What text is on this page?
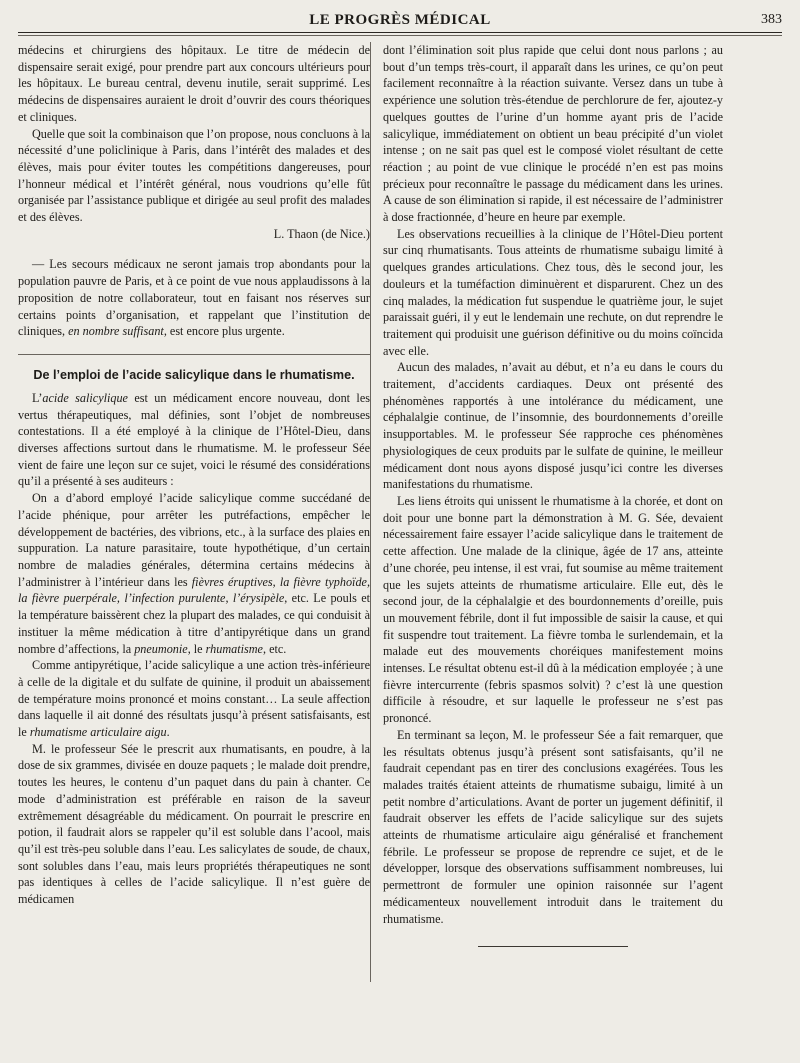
LE PROGRÈS MÉDICAL	383

médecins et chirurgiens des hôpitaux. Le titre de médecin de dispensaire serait exigé, pour prendre part aux concours ultérieurs pour les hôpitaux. Le bureau central, devenu inutile, serait supprimé. Les médecins de dispensaires auraient le droit d’ouvrir des cours théoriques et cliniques.

Quelle que soit la combinaison que l’on propose, nous concluons à la nécessité d’une policlinique à Paris, dans l’intérêt des malades et des élèves, mais pour éviter toutes les compétitions dangereuses, pour l’honneur médical et l’intérêt général, nous voudrions qu’elle fût organisée par l’assistance publique et dirigée au seul profit des malades et des élèves.

L. Thaon (de Nice.)

— Les secours médicaux ne seront jamais trop abondants pour la population pauvre de Paris, et à ce point de vue nous applaudissons à la proposition de notre collaborateur, tout en faisant nos réserves sur certains points d’organisation, et rappelant que l’institution de cliniques, en nombre suffisant, est encore plus urgente.

De l’emploi de l’acide salicylique dans le rhumatisme.

L’acide salicylique est un médicament encore nouveau, dont les vertus thérapeutiques, mal définies, sont l’objet de nombreuses contestations. Il a été employé à la clinique de l’Hôtel-Dieu, dans diverses affections surtout dans le rhumatisme. M. le professeur Sée vient de faire une leçon sur ce sujet, voici le résumé des considérations qu’il a présenté à ses auditeurs :

On a d’abord employé l’acide salicylique comme succédané de l’acide phénique, pour arrêter les putréfactions, empêcher le développement de bactéries, des vibrions, etc., à la surface des plaies en suppuration. La nature parasitaire, toute hypothétique, d’un certain nombre de maladies générales, détermina certains médecins à l’administrer à l’intérieur dans les fièvres éruptives, la fièvre typhoïde, la fièvre puerpérale, l’infection purulente, l’érysipèle, etc. Le pouls et la température baissèrent chez la plupart des malades, ce qui conduisit à instituer la même médication à titre d’antipyrétique dans un grand nombre d’affections, la pneumonie, le rhumatisme, etc.

Comme antipyrétique, l’acide salicylique a une action très-inférieure à celle de la digitale et du sulfate de quinine, il produit un abaissement de température moins prononcé et moins constant… La seule affection dans laquelle il ait donné des résultats jusqu’à présent satisfaisants, est le rhumatisme articulaire aigu.

M. le professeur Sée le prescrit aux rhumatisants, en poudre, à la dose de six grammes, divisée en douze paquets ; le malade doit prendre, toutes les heures, le contenu d’un paquet dans du pain à chanter. Ce mode d’administration est préférable en raison de la saveur extrêmement désagréable du médicament. On pourrait le prescrire en potion, il faudrait alors se rappeler qu’il est soluble dans l’acool, mais qu’il est très-peu soluble dans l’eau. Les salicylates de soude, de chaux, sont solubles dans l’eau, mais leurs propriétés thérapeutiques ne sont pas identiques à celles de l’acide salicylique. Il n’est guère de médicamen

dont l’élimination soit plus rapide que celui dont nous parlons ; au bout d’un temps très-court, il apparaît dans les urines, ce qu’on peut facilement reconnaître à la réaction suivante. Versez dans un tube à expérience une solution très-étendue de perchlorure de fer, ajoutez-y quelques gouttes de l’urine d’un homme ayant pris de l’acide salicylique, immédiatement on obtient un beau précipité d’un violet intense ; on ne sait pas quel est le composé violet résultant de cette réaction ; au point de vue clinique le procédé n’en est pas moins précieux pour reconnaître le passage du médicament dans les urines. A cause de son élimination si rapide, il est nécessaire de l’administrer à dose fractionnée, d’heure en heure par exemple.

Les observations recueillies à la clinique de l’Hôtel-Dieu portent sur cinq rhumatisants. Tous atteints de rhumatisme subaigu limité à quelques grandes articulations. Chez tous, dès le second jour, les douleurs et la tuméfaction diminuèrent et disparurent. Chez un des cinq malades, la médication fut suspendue le quatrième jour, le sujet paraissait guéri, il y eut le lendemain une rechute, on dut reprendre le traitement qui produisit une guérison définitive ou du moins coïncida avec elle.

Aucun des malades, n’avait au début, et n’a eu dans le cours du traitement, d’accidents cardiaques. Deux ont présenté des phénomènes rapportés à une intolérance du médicament, une céphalalgie continue, de l’insomnie, des bourdonnements d’oreille insupportables. M. le professeur Sée rapproche ces phénomènes physiologiques de ceux produits par le sulfate de quinine, le meilleur médicament dont nous ayons disposé jusqu’ici contre les diverses manifestations du rhumatisme.

Les liens étroits qui unissent le rhumatisme à la chorée, et dont on doit pour une bonne part la démonstration à M. G. Sée, devaient nécessairement faire essayer l’acide salicylique dans le traitement de cette affection. Une malade de la clinique, âgée de 17 ans, atteinte d’une chorée, peu intense, il est vrai, fut soumise au même traitement que les sujets atteints de rhumatisme articulaire. Elle eut, dès le second jour, de la céphalalgie et des bourdonnements d’oreille, puis un mouvement fébrile, dont il fut impossible de saisir la cause, et qui fit suspendre tout traitement. La fièvre tomba le surlendemain, et la malade eut des mouvements choréiques manifestement moins intenses. Le résultat obtenu est-il dû à la médication employée ; à une fièvre intercurrente (febris spasmos solvit) ? c’est là une question difficile à résoudre, et sur laquelle le professeur ne s’est pas prononcé.

En terminant sa leçon, M. le professeur Sée a fait remarquer, que les résultats obtenus jusqu’à présent sont satisfaisants, qu’il ne faudrait cependant pas en tirer des conclusions exagérées. Tous les malades traités étaient atteints de rhumatisme subaigu, limité à un petit nombre d’articulations. Avant de porter un jugement définitif, il faudrait observer les effets de l’acide salicylique sur des sujets atteints de rhumatisme articulaire aigu généralisé et franchement fébrile. Le professeur se propose de reprendre ce sujet, et de le développer, lorsque des observations suffisamment nombreuses, lui permettront de formuler une opinion raisonnée sur l’agent médicamenteux nouvellement introduit dans le traitement du rhumatisme.
